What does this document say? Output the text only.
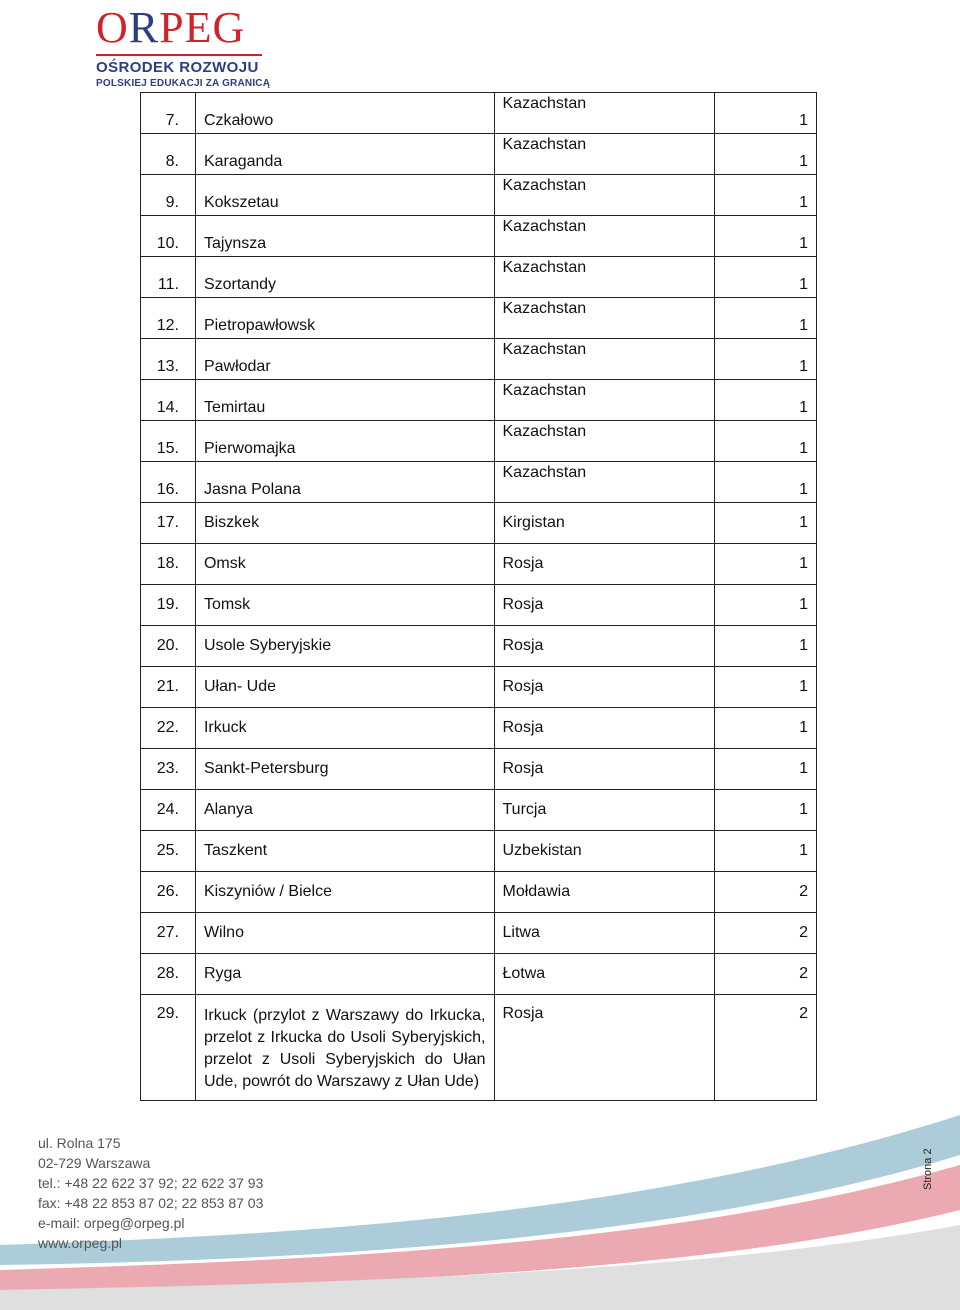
ORPEG
OŚRODEK ROZWOJU
POLSKIEJ EDUKACJI ZA GRANICĄ
7.	Czkałowo	Kazachstan	1
8.	Karaganda	Kazachstan	1
9.	Kokszetau	Kazachstan	1
10.	Tajynsza	Kazachstan	1
11.	Szortandy	Kazachstan	1
12.	Pietropawłowsk	Kazachstan	1
13.	Pawłodar	Kazachstan	1
14.	Temirtau	Kazachstan	1
15.	Pierwomajka	Kazachstan	1
16.	Jasna Polana	Kazachstan	1
17.	Biszkek	Kirgistan	1
18.	Omsk	Rosja	1
19.	Tomsk	Rosja	1
20.	Usole Syberyjskie	Rosja	1
21.	Ułan- Ude	Rosja	1
22.	Irkuck	Rosja	1
23.	Sankt-Petersburg	Rosja	1
24.	Alanya	Turcja	1
25.	Taszkent	Uzbekistan	1
26.	Kiszyniów / Bielce	Mołdawia	2
27.	Wilno	Litwa	2
28.	Ryga	Łotwa	2
29.	Irkuck (przylot z Warszawy do Irkucka, przelot z Irkucka do Usoli Syberyjskich, przelot z Usoli Syberyjskich do Ułan Ude, powrót do Warszawy z Ułan Ude)	Rosja	2
ul. Rolna 175
02-729 Warszawa
tel.: +48 22 622 37 92; 22 622 37 93
fax: +48 22 853 87 02; 22 853 87 03
e-mail: orpeg@orpeg.pl
www.orpeg.pl
Strona 2
